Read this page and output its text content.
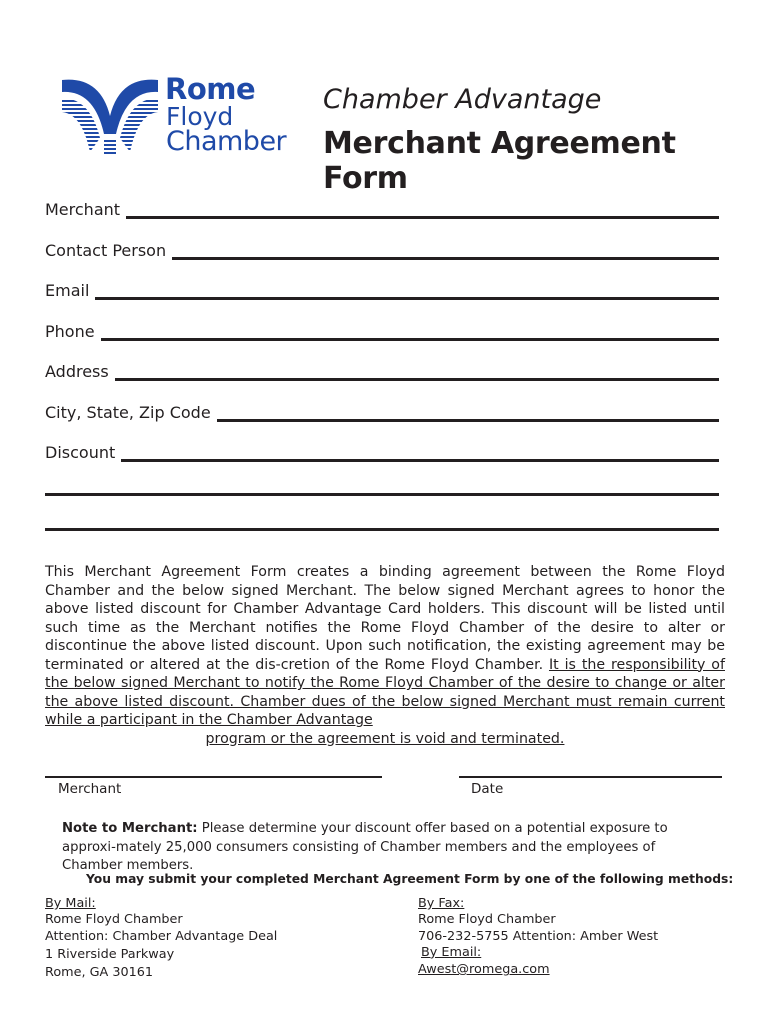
Rome
Floyd
Chamber
Chamber Advantage
Merchant Agreement Form
Merchant
Contact Person
Email
Phone
Address
City, State, Zip Code
Discount
This Merchant Agreement Form creates a binding agreement between the Rome Floyd Chamber and the below signed Merchant. The below signed Merchant agrees to honor the above listed discount for Chamber Advantage Card holders. This discount will be listed until such time as the Merchant notifies the Rome Floyd Chamber of the desire to alter or discontinue the above listed discount. Upon such notification, the existing agreement may be terminated or altered at the dis-cretion of the Rome Floyd Chamber. It is the responsibility of the below signed Merchant to notify the Rome Floyd Chamber of the desire to change or alter the above listed discount. Chamber dues of the below signed Merchant must remain current while a participant in the Chamber Advantage
program or the agreement is void and terminated.
Merchant	Date
Note to Merchant: Please determine your discount offer based on a potential exposure to approxi-mately 25,000 consumers consisting of Chamber members and the employees of Chamber members.
You may submit your completed Merchant Agreement Form by one of the following methods:
By Mail:
Rome Floyd Chamber
Attention: Chamber Advantage Deal
1 Riverside Parkway
Rome, GA 30161
By Fax:
Rome Floyd Chamber
706-232-5755 Attention: Amber West
By Email:
Awest@romega.com
